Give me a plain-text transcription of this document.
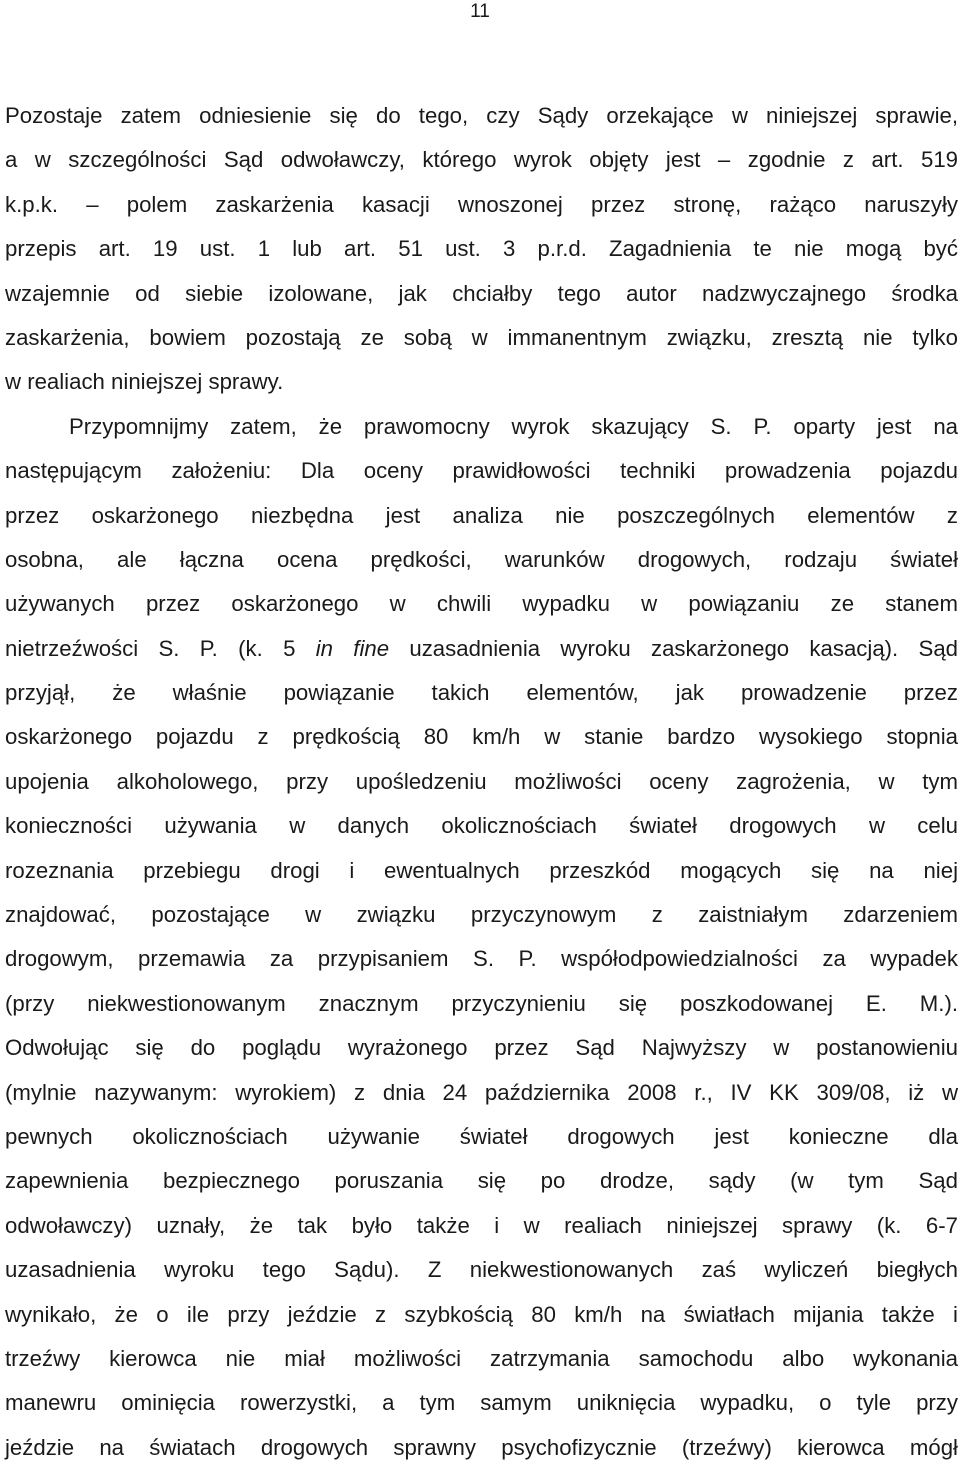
11
Pozostaje zatem odniesienie się do tego, czy Sądy orzekające w niniejszej sprawie,
a w szczególności Sąd odwoławczy, którego wyrok objęty jest – zgodnie z art. 519
k.p.k. – polem zaskarżenia kasacji wnoszonej przez stronę, rażąco naruszyły
przepis art. 19 ust. 1 lub art. 51 ust. 3 p.r.d. Zagadnienia te nie mogą być
wzajemnie od siebie izolowane, jak chciałby tego autor nadzwyczajnego środka
zaskarżenia, bowiem pozostają ze sobą w immanentnym związku, zresztą nie tylko
w realiach niniejszej sprawy.
Przypomnijmy zatem, że prawomocny wyrok skazujący S. P. oparty jest na
następującym założeniu: Dla oceny prawidłowości techniki prowadzenia pojazdu
przez oskarżonego niezbędna jest analiza nie poszczególnych elementów z
osobna, ale łączna ocena prędkości, warunków drogowych, rodzaju świateł
używanych przez oskarżonego w chwili wypadku w powiązaniu ze stanem
nietrzeźwości S. P. (k. 5 in fine uzasadnienia wyroku zaskarżonego kasacją). Sąd
przyjął, że właśnie powiązanie takich elementów, jak prowadzenie przez
oskarżonego pojazdu z prędkością 80 km/h w stanie bardzo wysokiego stopnia
upojenia alkoholowego, przy upośledzeniu możliwości oceny zagrożenia, w tym
konieczności używania w danych okolicznościach świateł drogowych w celu
rozeznania przebiegu drogi i ewentualnych przeszkód mogących się na niej
znajdować, pozostające w związku przyczynowym z zaistniałym zdarzeniem
drogowym, przemawia za przypisaniem S. P. współodpowiedzialności za wypadek
(przy niekwestionowanym znacznym przyczynieniu się poszkodowanej E. M.).
Odwołując się do poglądu wyrażonego przez Sąd Najwyższy w postanowieniu
(mylnie nazywanym: wyrokiem) z dnia 24 października 2008 r., IV KK 309/08, iż w
pewnych okolicznościach używanie świateł drogowych jest konieczne dla
zapewnienia bezpiecznego poruszania się po drodze, sądy (w tym Sąd
odwoławczy) uznały, że tak było także i w realiach niniejszej sprawy (k. 6-7
uzasadnienia wyroku tego Sądu). Z niekwestionowanych zaś wyliczeń biegłych
wynikało, że o ile przy jeździe z szybkością 80 km/h na światłach mijania także i
trzeźwy kierowca nie miał możliwości zatrzymania samochodu albo wykonania
manewru ominięcia rowerzystki, a tym samym uniknięcia wypadku, o tyle przy
jeździe na światach drogowych sprawny psychofizycznie (trzeźwy) kierowca mógł
